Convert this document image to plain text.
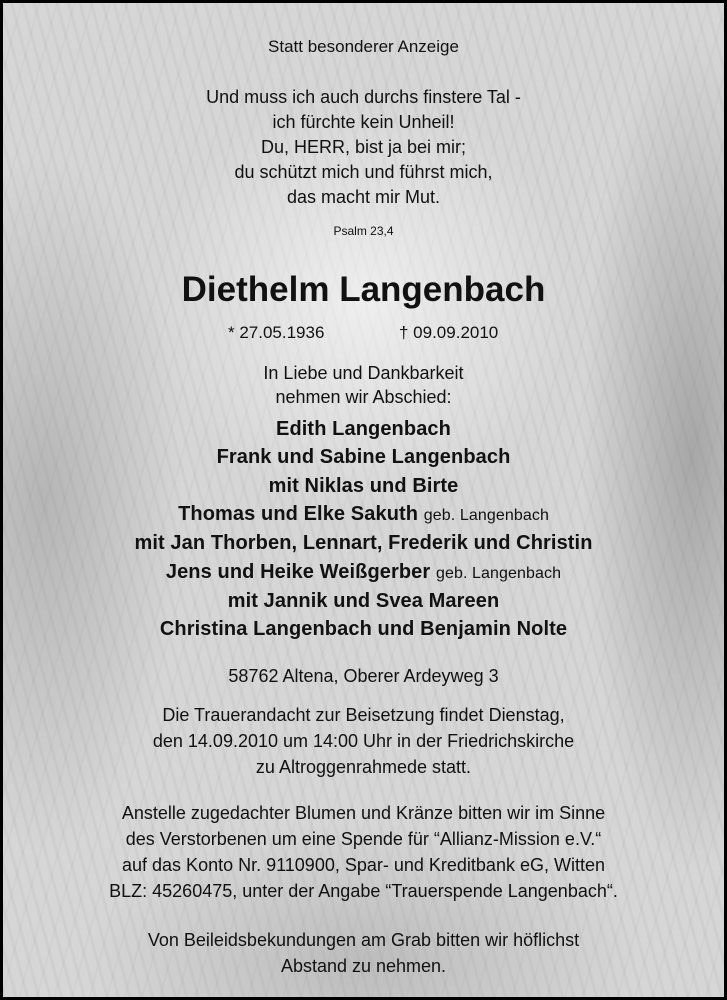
Statt besonderer Anzeige
Und muss ich auch durchs finstere Tal -
ich fürchte kein Unheil!
Du, HERR, bist ja bei mir;
du schützt mich und führst mich,
das macht mir Mut.
Psalm 23,4
Diethelm Langenbach
* 27.05.1936	† 09.09.2010
In Liebe und Dankbarkeit
nehmen wir Abschied:
Edith Langenbach
Frank und Sabine Langenbach
mit Niklas und Birte
Thomas und Elke Sakuth geb. Langenbach
mit Jan Thorben, Lennart, Frederik und Christin
Jens und Heike Weißgerber geb. Langenbach
mit Jannik und Svea Mareen
Christina Langenbach und Benjamin Nolte
58762 Altena, Oberer Ardeyweg 3
Die Trauerandacht zur Beisetzung findet Dienstag,
den 14.09.2010 um 14:00 Uhr in der Friedrichskirche
zu Altroggenrahmede statt.
Anstelle zugedachter Blumen und Kränze bitten wir im Sinne
des Verstorbenen um eine Spende für “Allianz-Mission e.V.“
auf das Konto Nr. 9110900, Spar- und Kreditbank eG, Witten
BLZ: 45260475, unter der Angabe “Trauerspende Langenbach“.
Von Beileidsbekundungen am Grab bitten wir höflichst
Abstand zu nehmen.
